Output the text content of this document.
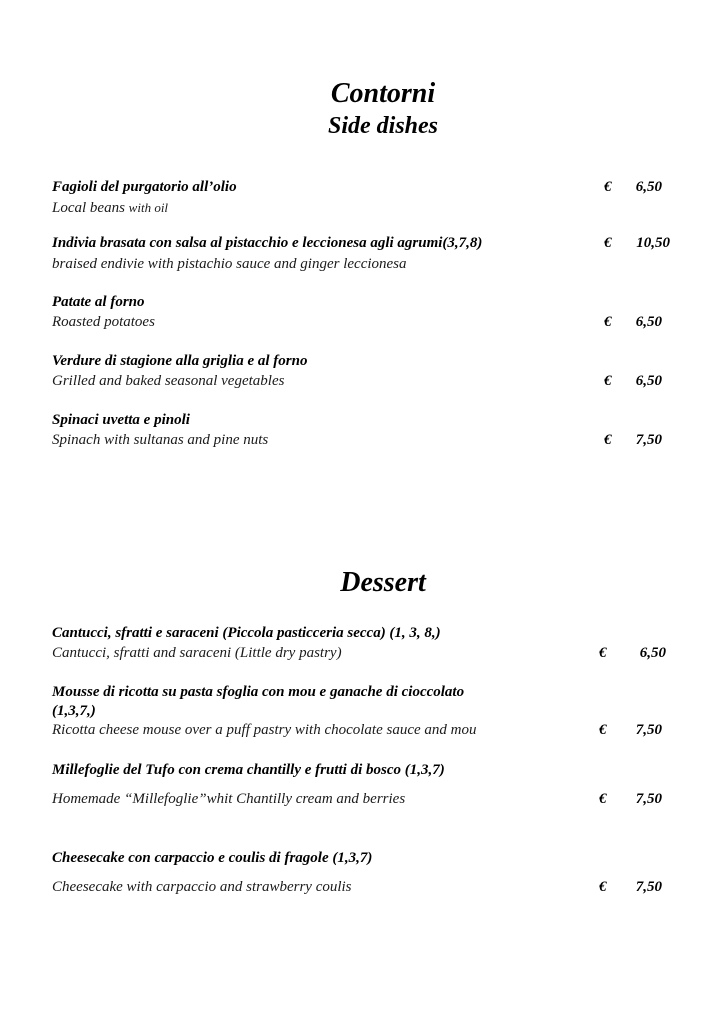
Contorni
Side dishes
Fagioli del purgatorio all’olio
Local beans with oil
€	6,50
Indivia brasata con salsa al pistacchio e leccionesa agli agrumi(3,7,8)
braised endivie with pistachio sauce and ginger leccionesa
€	10,50
Patate al forno
Roasted potatoes	€	6,50
Verdure di stagione alla griglia e al forno
Grilled and baked seasonal vegetables	€	6,50
Spinaci uvetta e pinoli
Spinach with sultanas and pine nuts	€	7,50
Dessert
Cantucci, sfratti e saraceni (Piccola pasticceria secca) (1, 3, 8,)
Cantucci, sfratti and saraceni (Little dry pastry)	€	6,50
Mousse di ricotta su pasta sfoglia con mou e ganache di cioccolato
(1,3,7,)
Ricotta cheese mouse over a puff pastry with chocolate sauce and mou	€	7,50
Millefoglie del Tufo con crema chantilly e frutti di bosco (1,3,7)
Homemade “Millefoglie”whit Chantilly cream and berries	€	7,50
Cheesecake con carpaccio e coulis di fragole (1,3,7)
Cheesecake with carpaccio and strawberry coulis	€	7,50
